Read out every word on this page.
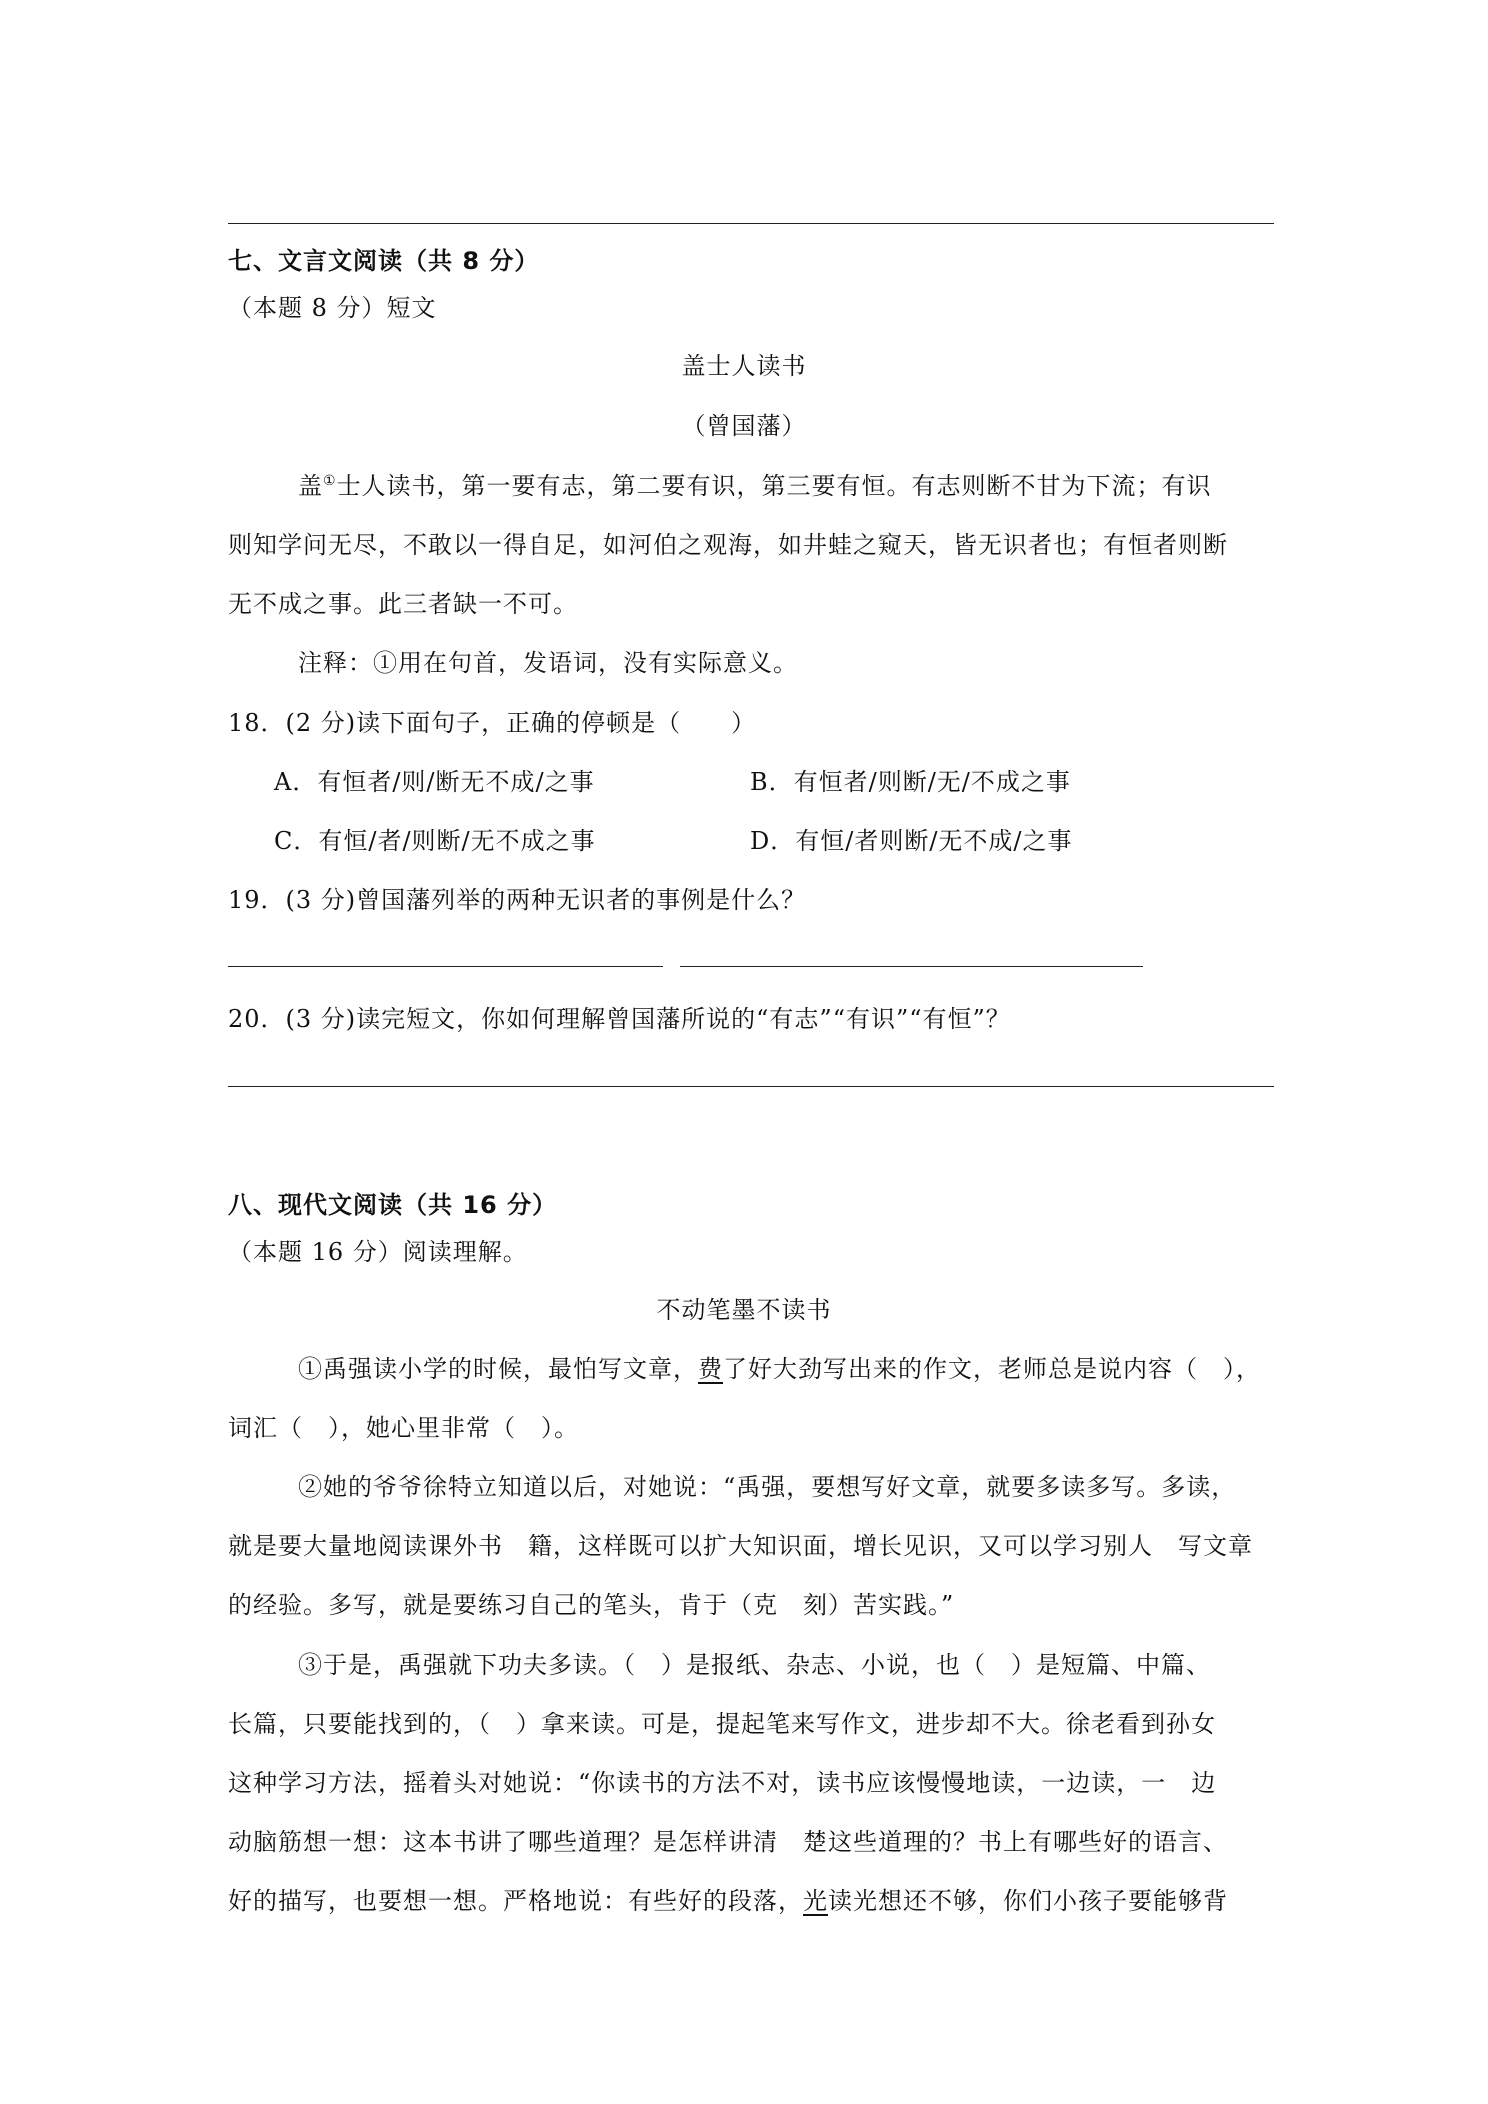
七、文言文阅读（共 8 分）
（本题 8 分）短文
盖士人读书
（曾国藩）
盖①士人读书，第一要有志，第二要有识，第三要有恒。有志则断不甘为下流；有识
则知学问无尽，不敢以一得自足，如河伯之观海，如井蛙之窥天，皆无识者也；有恒者则断
无不成之事。此三者缺一不可。
注释：①用在句首，发语词，没有实际意义。
18．(2 分)读下面句子，正确的停顿是（　　）
A．有恒者/则/断无不成/之事	B．有恒者/则断/无/不成之事
C．有恒/者/则断/无不成之事	D．有恒/者则断/无不成/之事
19．(3 分)曾国藩列举的两种无识者的事例是什么？
20．(3 分)读完短文，你如何理解曾国藩所说的“有志”“有识”“有恒”？
八、现代文阅读（共 16 分）
（本题 16 分）阅读理解。
不动笔墨不读书
①禹强读小学的时候，最怕写文章，费了好大劲写出来的作文，老师总是说内容（　），
词汇（　），她心里非常（　）。
②她的爷爷徐特立知道以后，对她说：“禹强，要想写好文章，就要多读多写。多读，
就是要大量地阅读课外书　籍，这样既可以扩大知识面，增长见识，又可以学习别人　写文章
的经验。多写，就是要练习自己的笔头，肯于（克　刻）苦实践。”
③于是，禹强就下功夫多读。（　）是报纸、杂志、小说，也（　）是短篇、中篇、
长篇，只要能找到的，（　）拿来读。可是，提起笔来写作文，进步却不大。徐老看到孙女
这种学习方法，摇着头对她说：“你读书的方法不对，读书应该慢慢地读，一边读，一　边
动脑筋想一想：这本书讲了哪些道理？是怎样讲清　楚这些道理的？书上有哪些好的语言、
好的描写，也要想一想。严格地说：有些好的段落，光读光想还不够，你们小孩子要能够背
